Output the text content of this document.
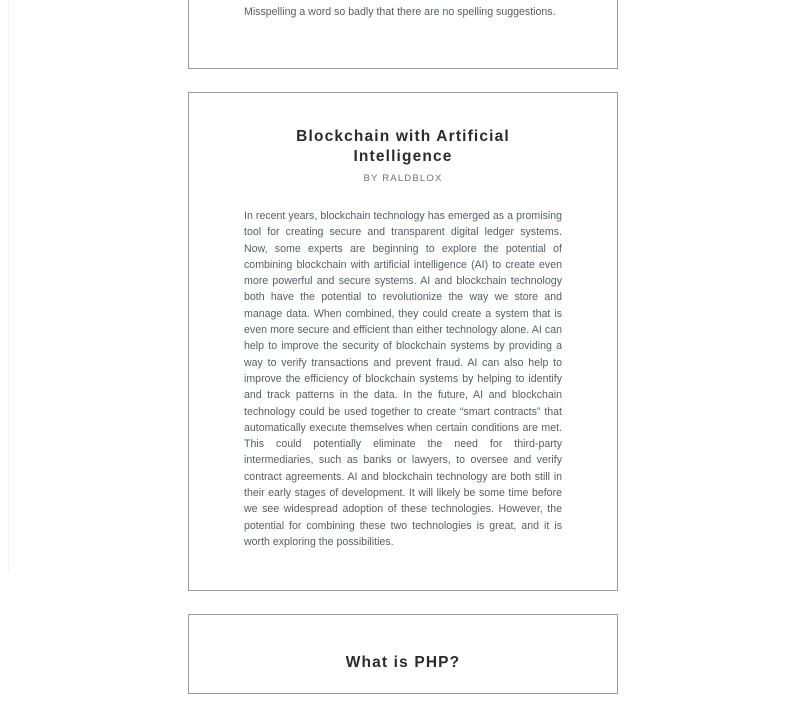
Misspelling a word so badly that there are no spelling suggestions.

Blockchain with Artificial Intelligence

BY RALDBLOX

In recent years, blockchain technology has emerged as a promising tool for creating secure and transparent digital ledger systems. Now, some experts are beginning to explore the potential of combining blockchain with artificial intelligence (AI) to create even more powerful and secure systems. AI and blockchain technology both have the potential to revolutionize the way we store and manage data. When combined, they could create a system that is even more secure and efficient than either technology alone. AI can help to improve the security of blockchain systems by providing a way to verify transactions and prevent fraud. AI can also help to improve the efficiency of blockchain systems by helping to identify and track patterns in the data. In the future, AI and blockchain technology could be used together to create “smart contracts” that automatically execute themselves when certain conditions are met. This could potentially eliminate the need for third-party intermediaries, such as banks or lawyers, to oversee and verify contract agreements. AI and blockchain technology are both still in their early stages of development. It will likely be some time before we see widespread adoption of these technologies. However, the potential for combining these two technologies is great, and it is worth exploring the possibilities.

What is PHP?
